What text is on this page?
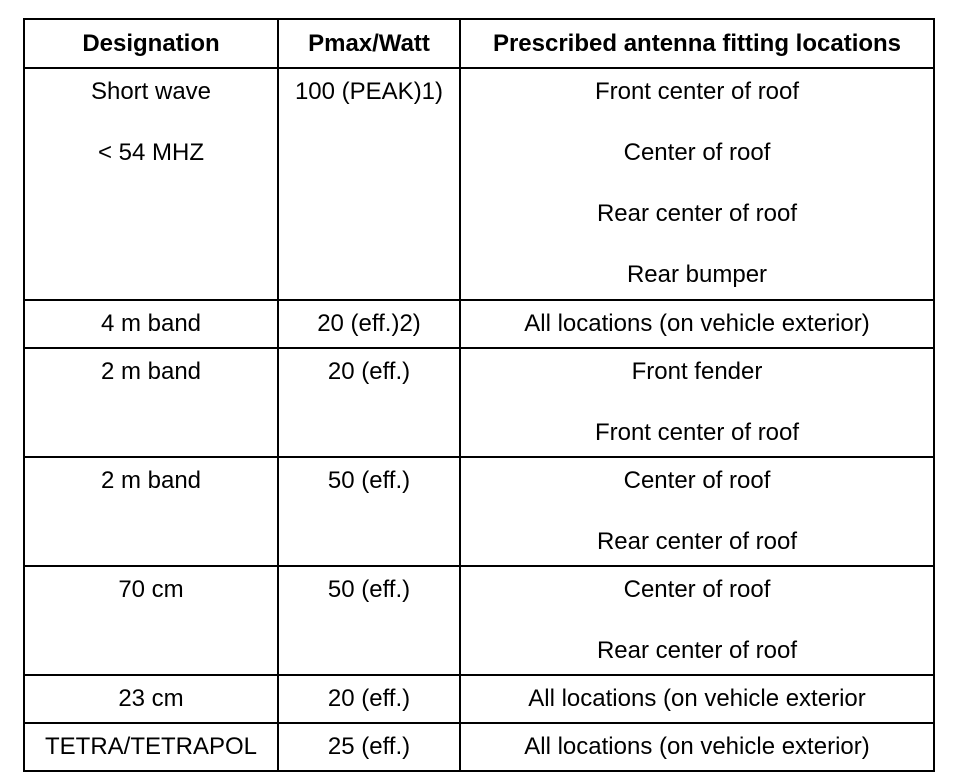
Designation	Pmax/Watt	Prescribed antenna fitting locations

Short wave
< 54 MHZ	100 (PEAK)1)	Front center of roof
Center of roof
Rear center of roof
Rear bumper

4 m band	20 (eff.)2)	All locations (on vehicle exterior)

2 m band	20 (eff.)	Front fender
Front center of roof

2 m band	50 (eff.)	Center of roof
Rear center of roof

70 cm	50 (eff.)	Center of roof
Rear center of roof

23 cm	20 (eff.)	All locations (on vehicle exterior

TETRA/TETRAPOL	25 (eff.)	All locations (on vehicle exterior)
